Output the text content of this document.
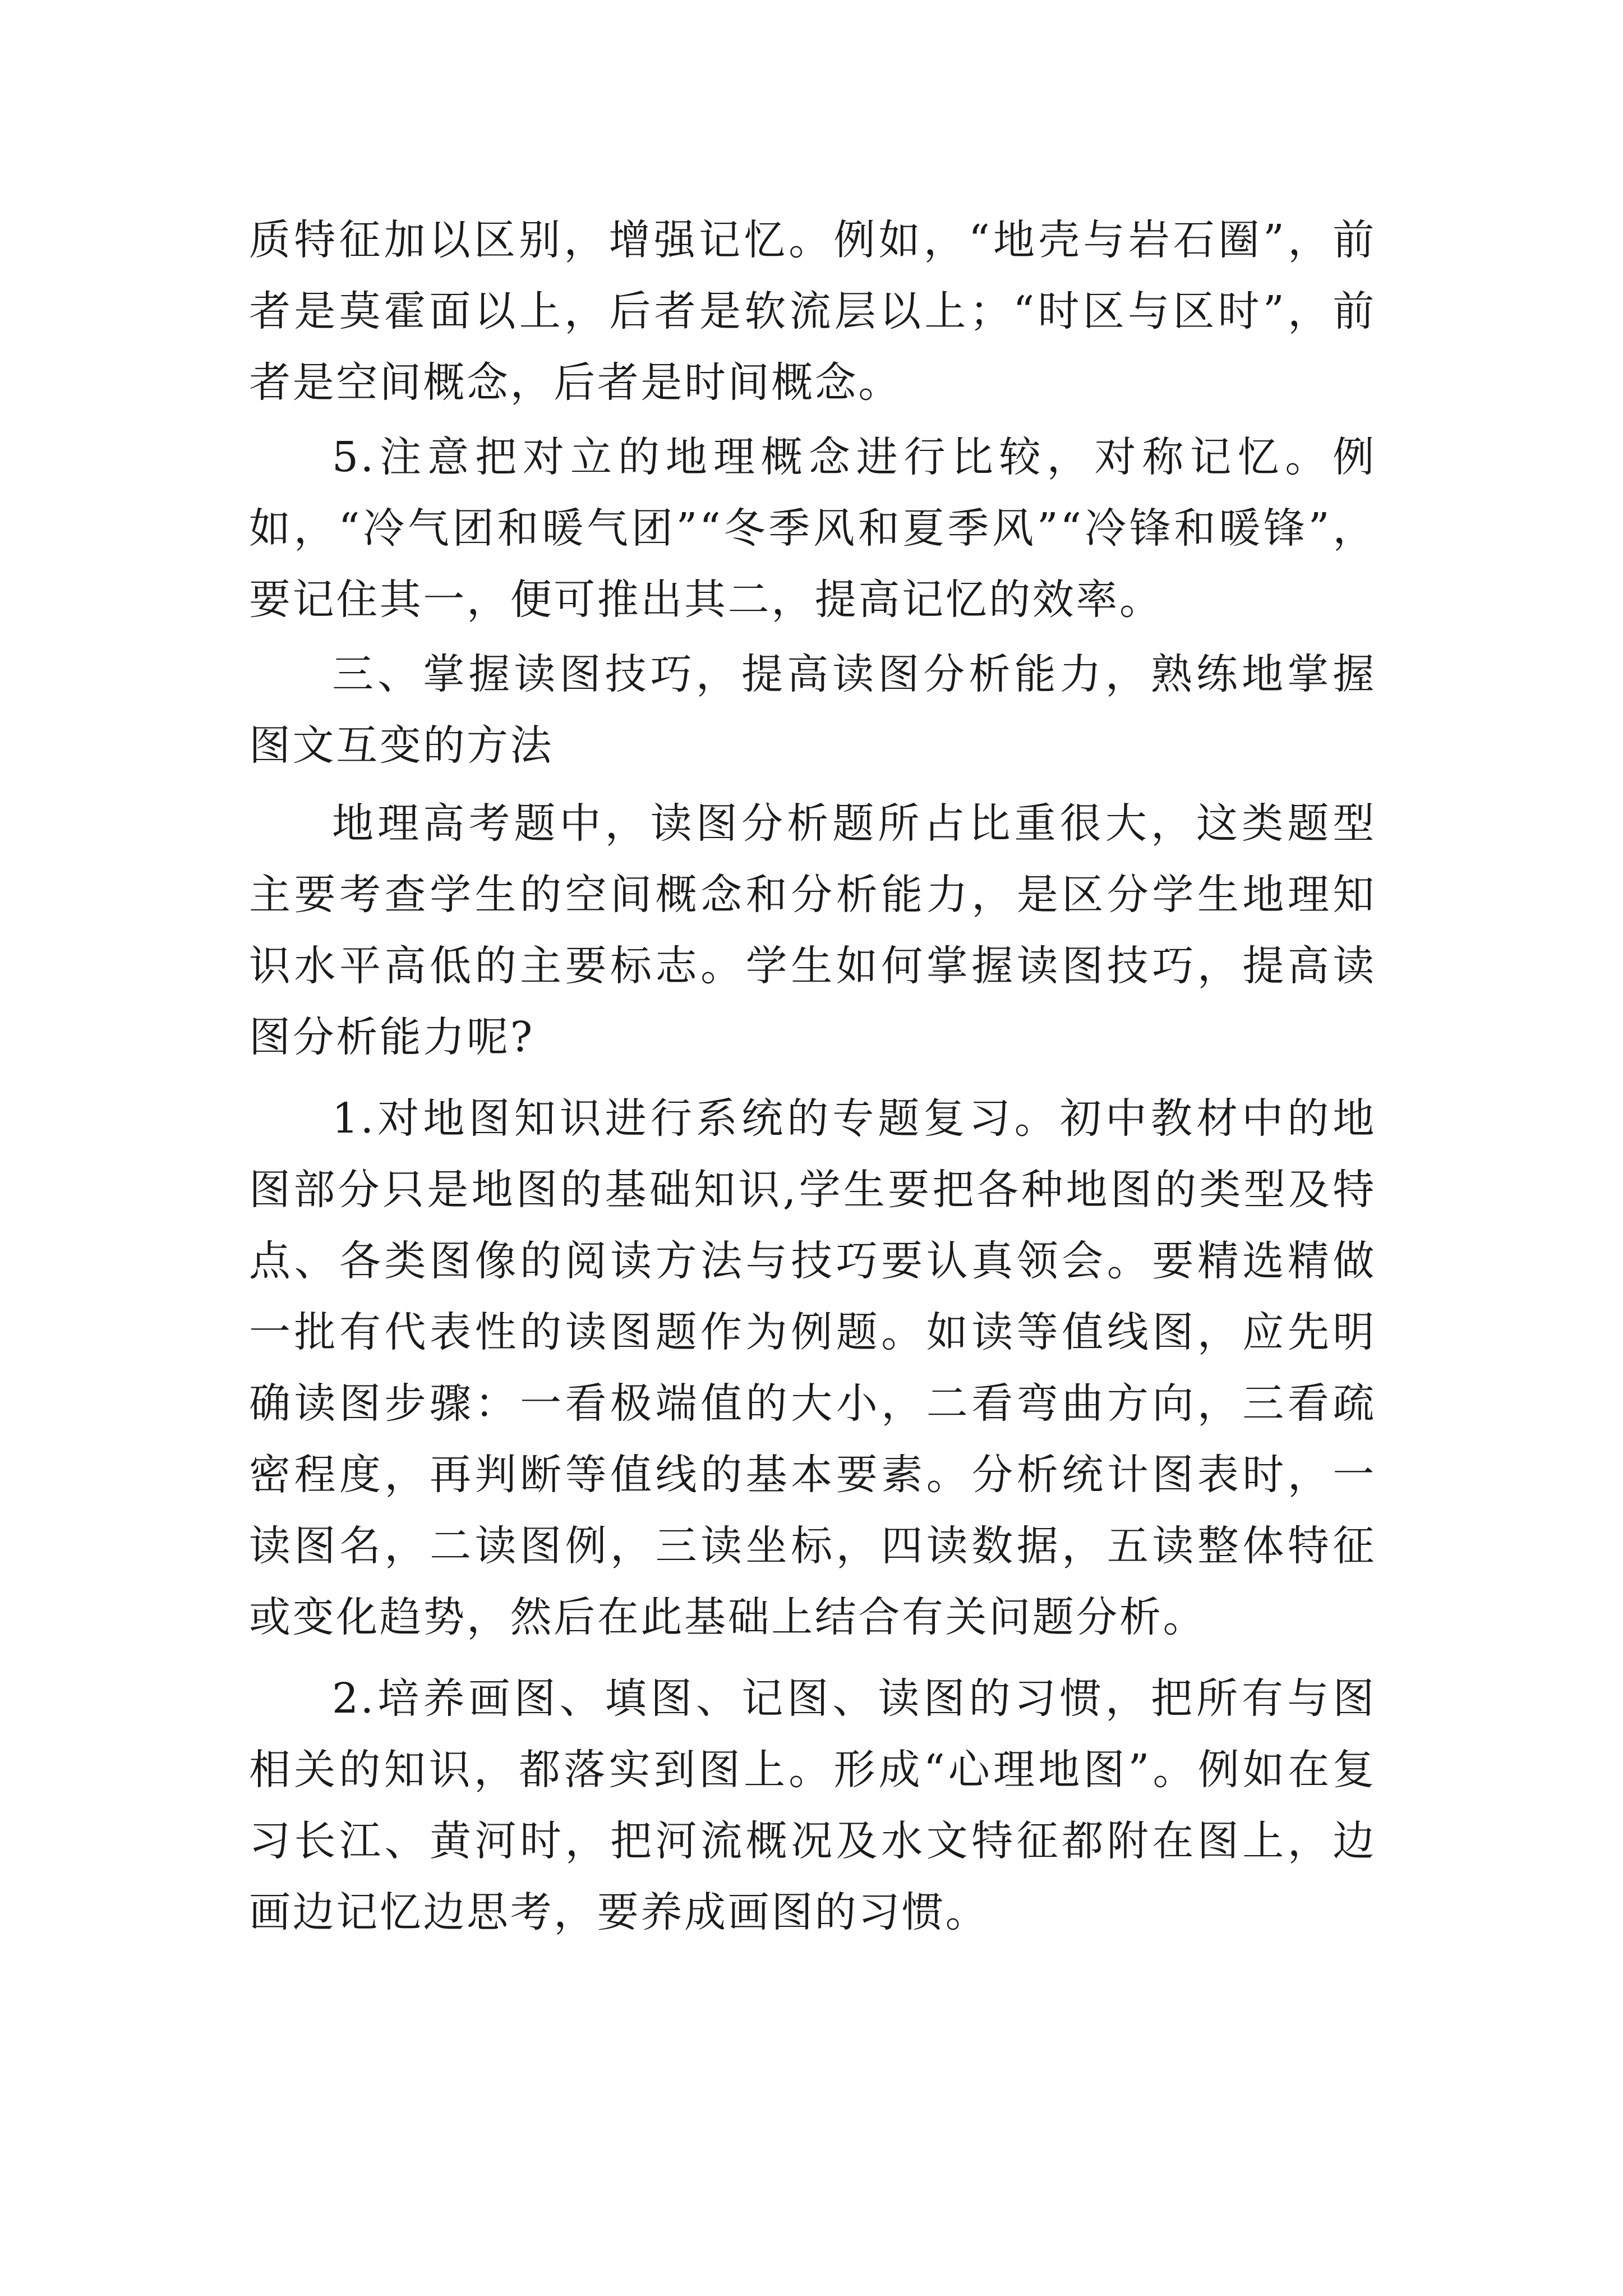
质特征加以区别，增强记忆。例如，“地壳与岩石圈”，前者是莫霍面以上，后者是软流层以上；“时区与区时”，前者是空间概念，后者是时间概念。

5.注意把对立的地理概念进行比较，对称记忆。例如，“冷气团和暖气团”“冬季风和夏季风”“冷锋和暖锋”，要记住其一，便可推出其二，提高记忆的效率。

三、掌握读图技巧，提高读图分析能力，熟练地掌握图文互变的方法

地理高考题中，读图分析题所占比重很大，这类题型主要考查学生的空间概念和分析能力，是区分学生地理知识水平高低的主要标志。学生如何掌握读图技巧，提高读图分析能力呢?

1.对地图知识进行系统的专题复习。初中教材中的地图部分只是地图的基础知识,学生要把各种地图的类型及特点、各类图像的阅读方法与技巧要认真领会。要精选精做一批有代表性的读图题作为例题。如读等值线图，应先明确读图步骤：一看极端值的大小，二看弯曲方向，三看疏密程度，再判断等值线的基本要素。分析统计图表时，一读图名，二读图例，三读坐标，四读数据，五读整体特征或变化趋势，然后在此基础上结合有关问题分析。

2.培养画图、填图、记图、读图的习惯，把所有与图相关的知识，都落实到图上。形成“心理地图”。例如在复习长江、黄河时，把河流概况及水文特征都附在图上，边画边记忆边思考，要养成画图的习惯。
